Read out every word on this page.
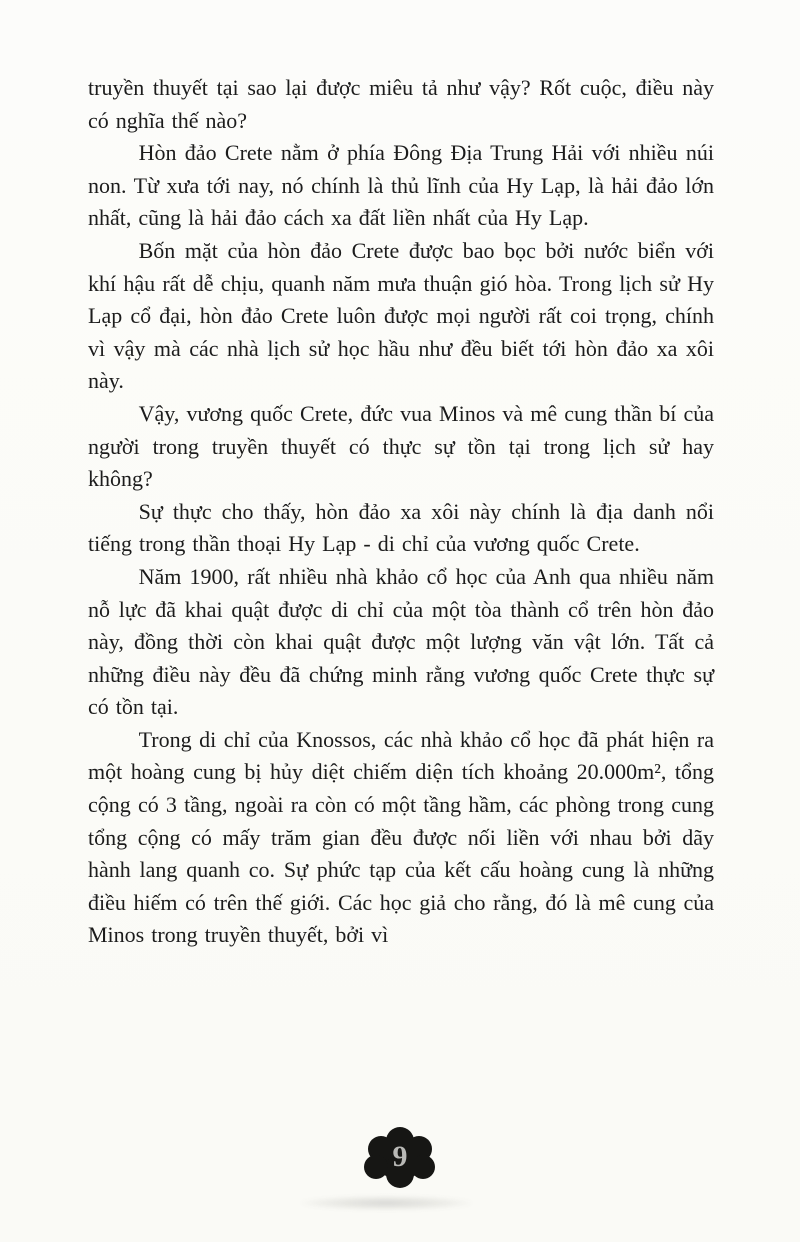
truyền thuyết tại sao lại được miêu tả như vậy? Rốt cuộc, điều này có nghĩa thế nào?

Hòn đảo Crete nằm ở phía Đông Địa Trung Hải với nhiều núi non. Từ xưa tới nay, nó chính là thủ lĩnh của Hy Lạp, là hải đảo lớn nhất, cũng là hải đảo cách xa đất liền nhất của Hy Lạp.

Bốn mặt của hòn đảo Crete được bao bọc bởi nước biển với khí hậu rất dễ chịu, quanh năm mưa thuận gió hòa. Trong lịch sử Hy Lạp cổ đại, hòn đảo Crete luôn được mọi người rất coi trọng, chính vì vậy mà các nhà lịch sử học hầu như đều biết tới hòn đảo xa xôi này.

Vậy, vương quốc Crete, đức vua Minos và mê cung thần bí của người trong truyền thuyết có thực sự tồn tại trong lịch sử hay không?

Sự thực cho thấy, hòn đảo xa xôi này chính là địa danh nổi tiếng trong thần thoại Hy Lạp - di chỉ của vương quốc Crete.

Năm 1900, rất nhiều nhà khảo cổ học của Anh qua nhiều năm nỗ lực đã khai quật được di chỉ của một tòa thành cổ trên hòn đảo này, đồng thời còn khai quật được một lượng văn vật lớn. Tất cả những điều này đều đã chứng minh rằng vương quốc Crete thực sự có tồn tại.

Trong di chỉ của Knossos, các nhà khảo cổ học đã phát hiện ra một hoàng cung bị hủy diệt chiếm diện tích khoảng 20.000m², tổng cộng có 3 tầng, ngoài ra còn có một tầng hầm, các phòng trong cung tổng cộng có mấy trăm gian đều được nối liền với nhau bởi dãy hành lang quanh co. Sự phức tạp của kết cấu hoàng cung là những điều hiếm có trên thế giới. Các học giả cho rằng, đó là mê cung của Minos trong truyền thuyết, bởi vì

9
